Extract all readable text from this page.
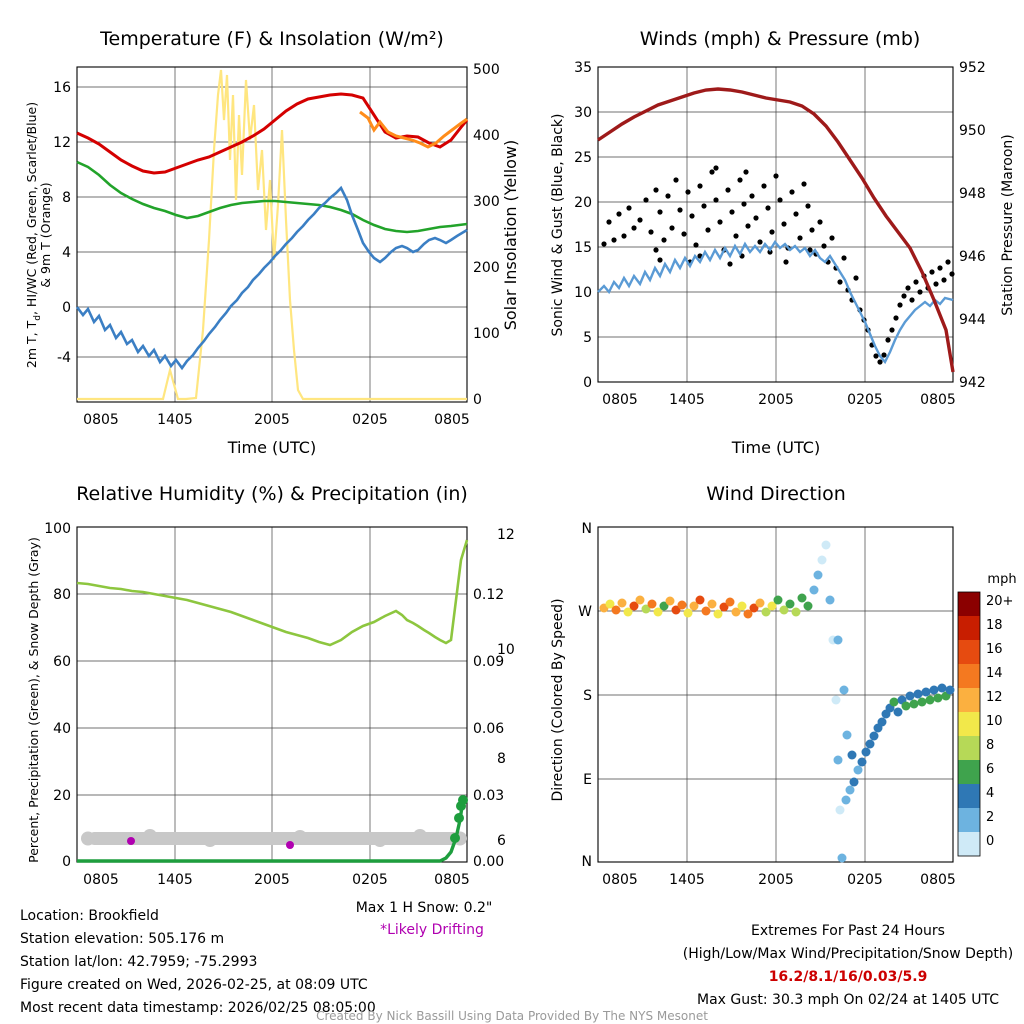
Temperature (F) & Insolation (W/m²)
0805	1405	2005	0205	0805
Time (UTC)
-4
0
4
8
12
16
0
100
200
300
400
500
2m T, $T_d$, HI/WC (Red, Green, Scarlet/Blue) & 9m T (Orange)	Solar Insolation (Yellow)
Winds (mph) & Pressure (mb)
0805 1405	2005	0205	0805
Time (UTC)
0
5
10
15
20
25
30
35
942
944
946
948
950
952
Sonic Wind & Gust (Blue, Black)	Station Pressure (Maroon)
Relative Humidity (%) & Precipitation (in)
0805	1405	2005	0205	0805
0
20
40
60
80
100
0.00
0.03
0.06
0.09
0.12
6
8
10
12
Percent, Precipitation (Green), & Snow Depth (Gray)
Max 1 H Snow: 0.2"
*Likely Drifting
Wind Direction
0805 1405	2005	0205	0805
N
W
S
E
N
Direction (Colored By Speed)
mph
20+
18
16
14
12
10
8
6
4
2
0
Location: Brookfield
Station elevation: 505.176 m
Station lat/lon: 42.7959; -75.2993
Figure created on Wed, 2026-02-25, at 08:09 UTC
Most recent data timestamp: 2026/02/25 08:05:00
Extremes For Past 24 Hours
(High/Low/Max Wind/Precipitation/Snow Depth)
16.2/8.1/16/0.03/5.9
Max Gust: 30.3 mph On 02/24 at 1405 UTC
Created By Nick Bassill Using Data Provided By The NYS Mesonet
